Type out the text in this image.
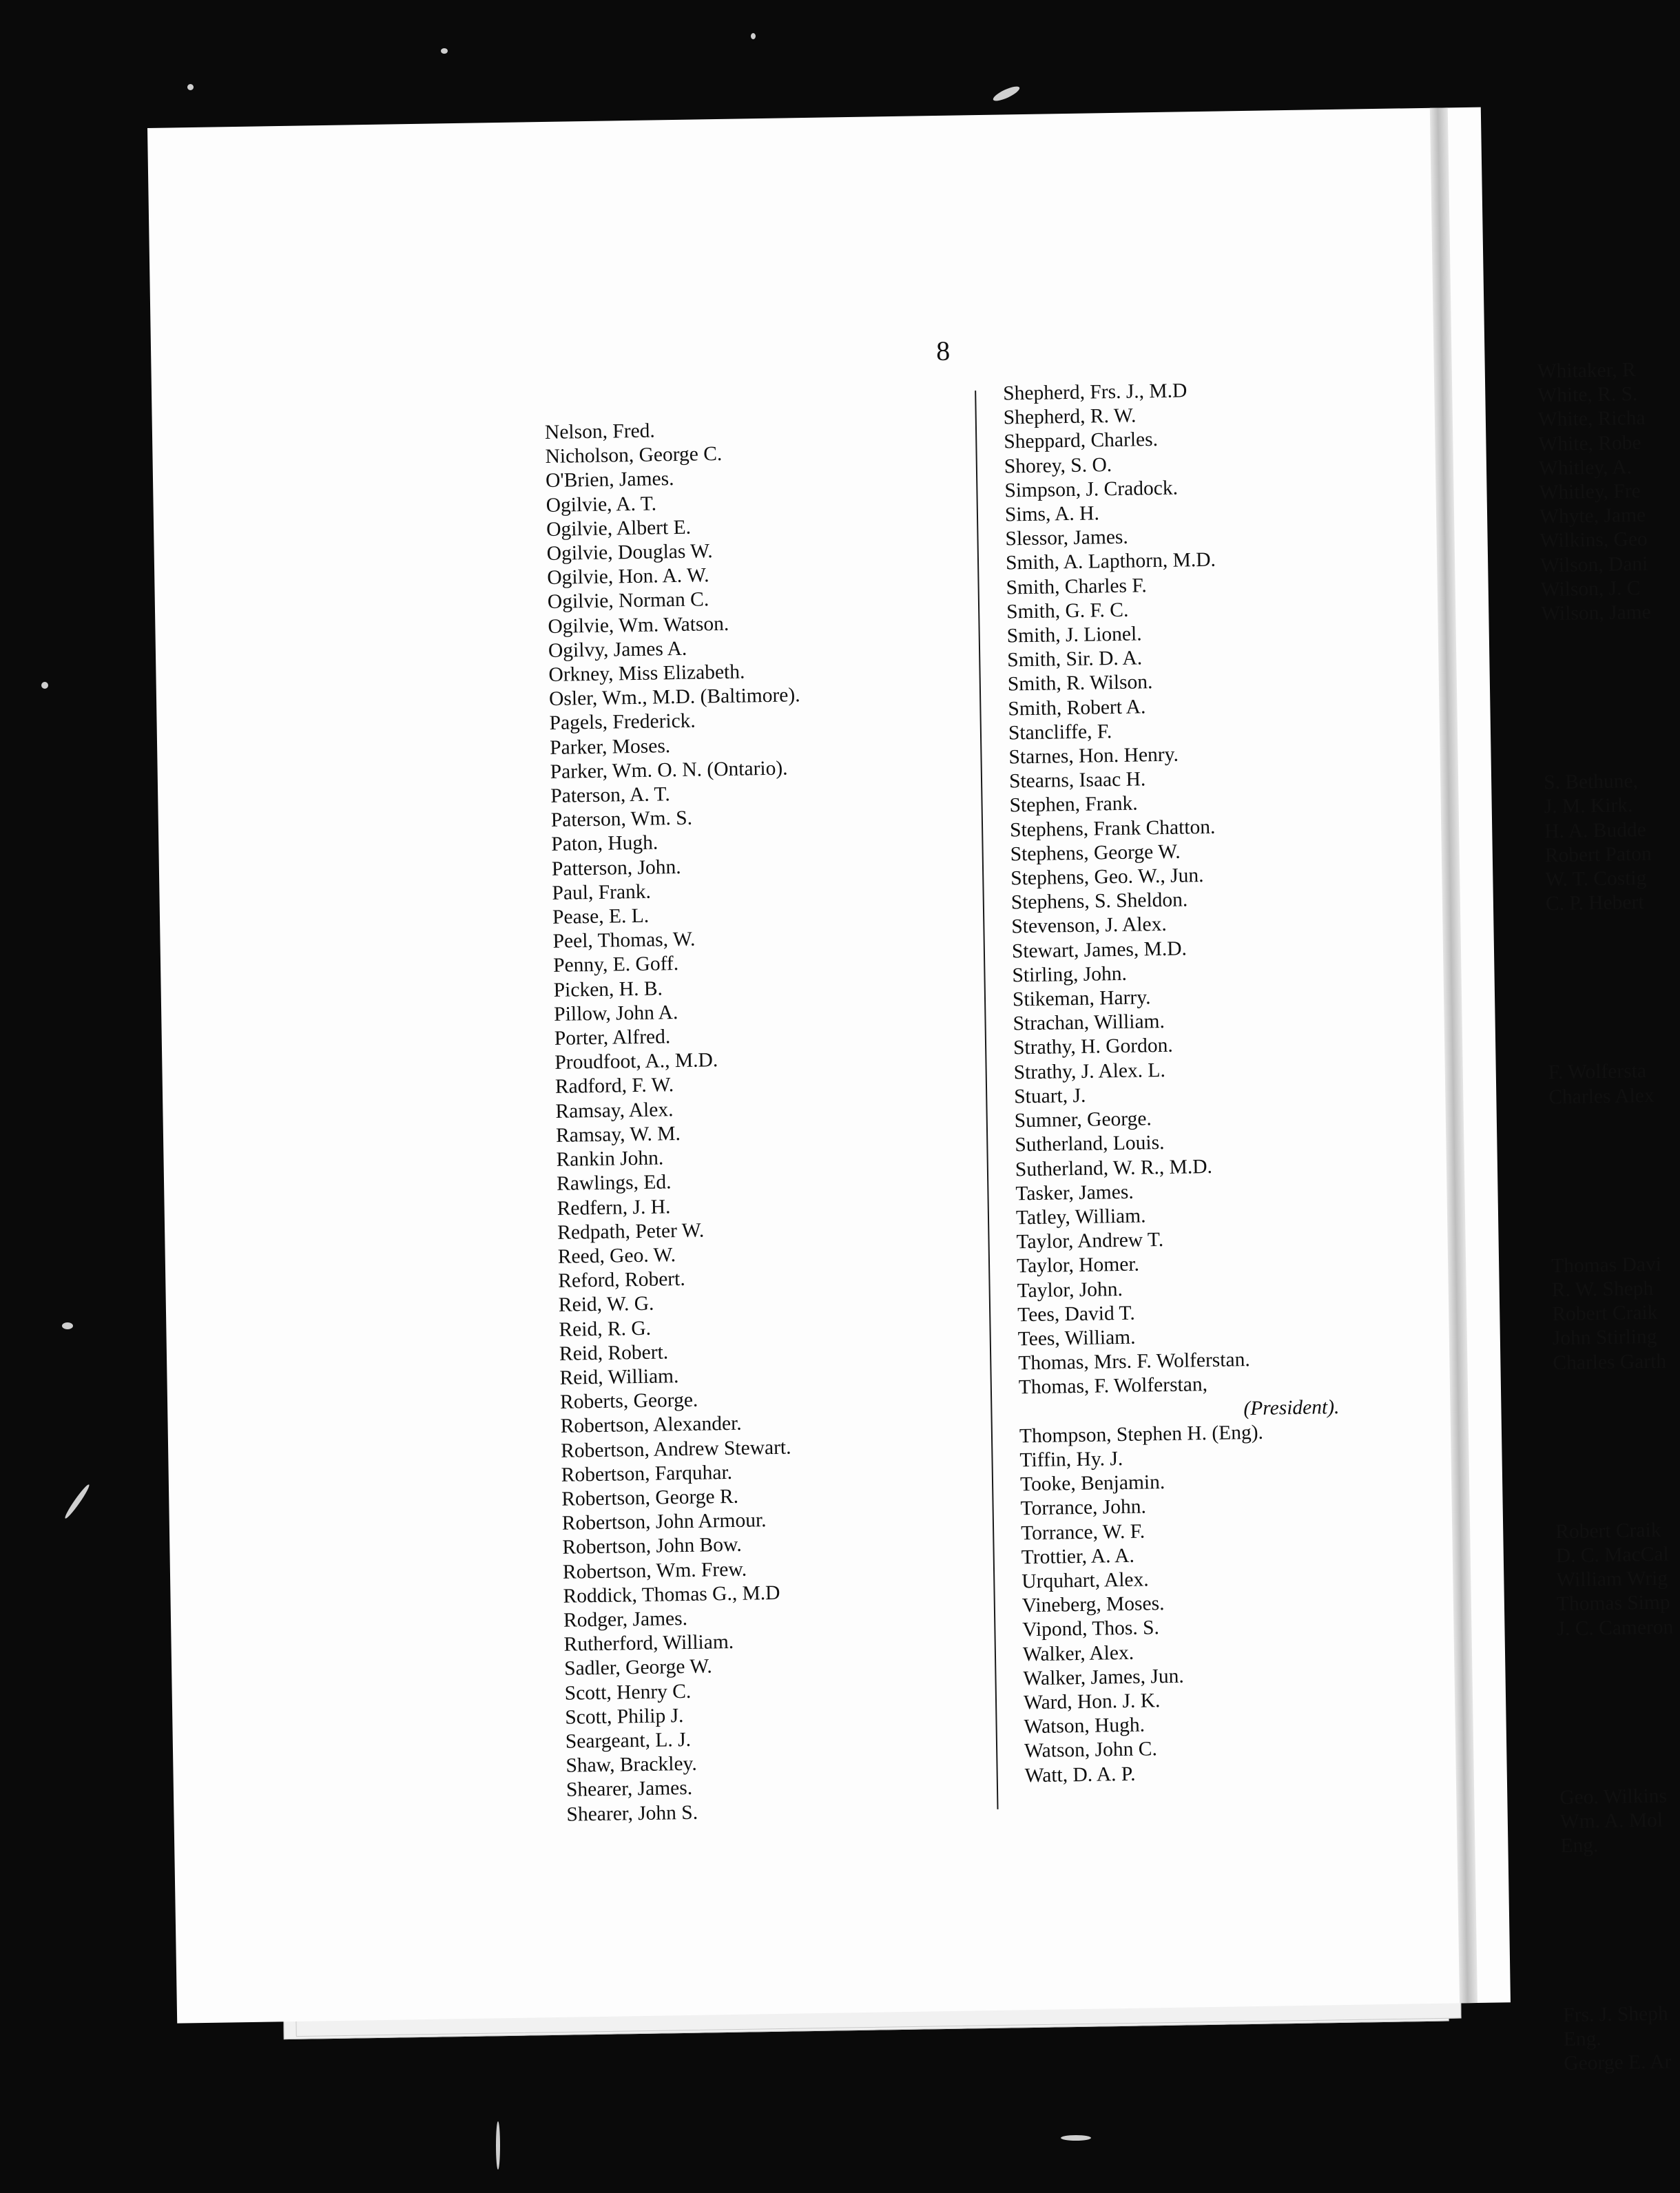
8
Nelson, Fred.
Nicholson, George C.
O'Brien, James.
Ogilvie, A. T.
Ogilvie, Albert E.
Ogilvie, Douglas W.
Ogilvie, Hon. A. W.
Ogilvie, Norman C.
Ogilvie, Wm. Watson.
Ogilvy, James A.
Orkney, Miss Elizabeth.
Osler, Wm., M.D. (Baltimore).
Pagels, Frederick.
Parker, Moses.
Parker, Wm. O. N. (Ontario).
Paterson, A. T.
Paterson, Wm. S.
Paton, Hugh.
Patterson, John.
Paul, Frank.
Pease, E. L.
Peel, Thomas, W.
Penny, E. Goff.
Picken, H. B.
Pillow, John A.
Porter, Alfred.
Proudfoot, A., M.D.
Radford, F. W.
Ramsay, Alex.
Ramsay, W. M.
Rankin John.
Rawlings, Ed.
Redfern, J. H.
Redpath, Peter W.
Reed, Geo. W.
Reford, Robert.
Reid, W. G.
Reid, R. G.
Reid, Robert.
Reid, William.
Roberts, George.
Robertson, Alexander.
Robertson, Andrew Stewart.
Robertson, Farquhar.
Robertson, George R.
Robertson, John Armour.
Robertson, John Bow.
Robertson, Wm. Frew.
Roddick, Thomas G., M.D
Rodger, James.
Rutherford, William.
Sadler, George W.
Scott, Henry C.
Scott, Philip J.
Seargeant, L. J.
Shaw, Brackley.
Shearer, James.
Shearer, John S.
Shepherd, Frs. J., M.D
Shepherd, R. W.
Sheppard, Charles.
Shorey, S. O.
Simpson, J. Cradock.
Sims, A. H.
Slessor, James.
Smith, A. Lapthorn, M.D.
Smith, Charles F.
Smith, G. F. C.
Smith, J. Lionel.
Smith, Sir. D. A.
Smith, R. Wilson.
Smith, Robert A.
Stancliffe, F.
Starnes, Hon. Henry.
Stearns, Isaac H.
Stephen, Frank.
Stephens, Frank Chatton.
Stephens, George W.
Stephens, Geo. W., Jun.
Stephens, S. Sheldon.
Stevenson, J. Alex.
Stewart, James, M.D.
Stirling, John.
Stikeman, Harry.
Strachan, William.
Strathy, H. Gordon.
Strathy, J. Alex. L.
Stuart, J.
Sumner, George.
Sutherland, Louis.
Sutherland, W. R., M.D.
Tasker, James.
Tatley, William.
Taylor, Andrew T.
Taylor, Homer.
Taylor, John.
Tees, David T.
Tees, William.
Thomas, Mrs. F. Wolferstan.
Thomas, F. Wolferstan,
(President).
Thompson, Stephen H. (Eng).
Tiffin, Hy. J.
Tooke, Benjamin.
Torrance, John.
Torrance, W. F.
Trottier, A. A.
Urquhart, Alex.
Vineberg, Moses.
Vipond, Thos. S.
Walker, Alex.
Walker, James, Jun.
Ward, Hon. J. K.
Watson, Hugh.
Watson, John C.
Watt, D. A. P.
Whitaker, R
White, R. S.
White, Richa
White, Robe
Whitley, A.
Whitley, Fre
Whyte, Jame
Wilkins, Geo
Wilson, Dani
Wilson, J. C
Wilson, Jame

S. Bethune,
J. M. Kirk.
H. A. Budde
Robert Paton
W. T. Costig
C. P. Hebert

F. Wolfersta
Charles Alex

Thomas Davi
R. W. Sheph
Robert Craik
John Stirling
Charles Garth

Robert Craik
D. C. MacCal
William Wrig
Thomas Simp
J. C. Cameron

Geo. Wilkins
Wm. A. Mol
Eng.

Frs. J. Sheph
Eng.
George E. Ar
